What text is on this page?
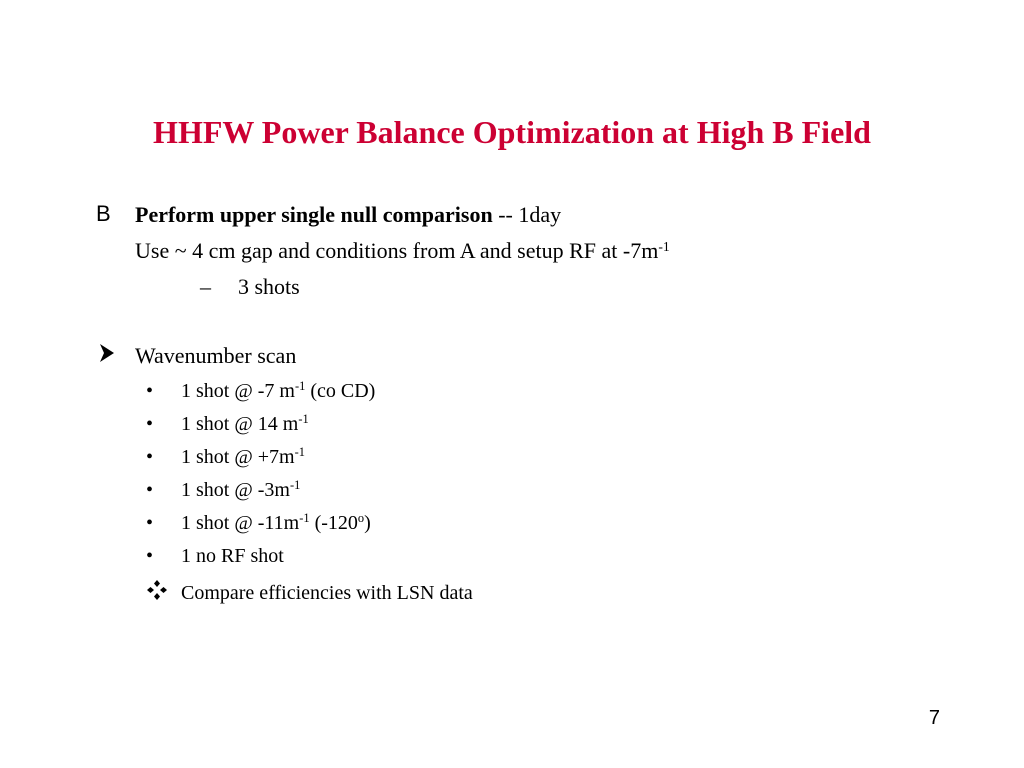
HHFW Power Balance Optimization at High B Field
B Perform upper single null comparison -- 1day
Use ~ 4 cm gap and conditions from A and setup RF at $-7m^{-1}$
– 3 shots
Wavenumber scan
• 1 shot @ -7 $m^{-1}$ (co CD)
• 1 shot @ 14 $m^{-1}$
• 1 shot @ $+7m^{-1}$
• 1 shot @ $-3m^{-1}$
• 1 shot @ $-11m^{-1}$ (-120$^o$)
• 1 no RF shot
Compare efficiencies with LSN data
7
